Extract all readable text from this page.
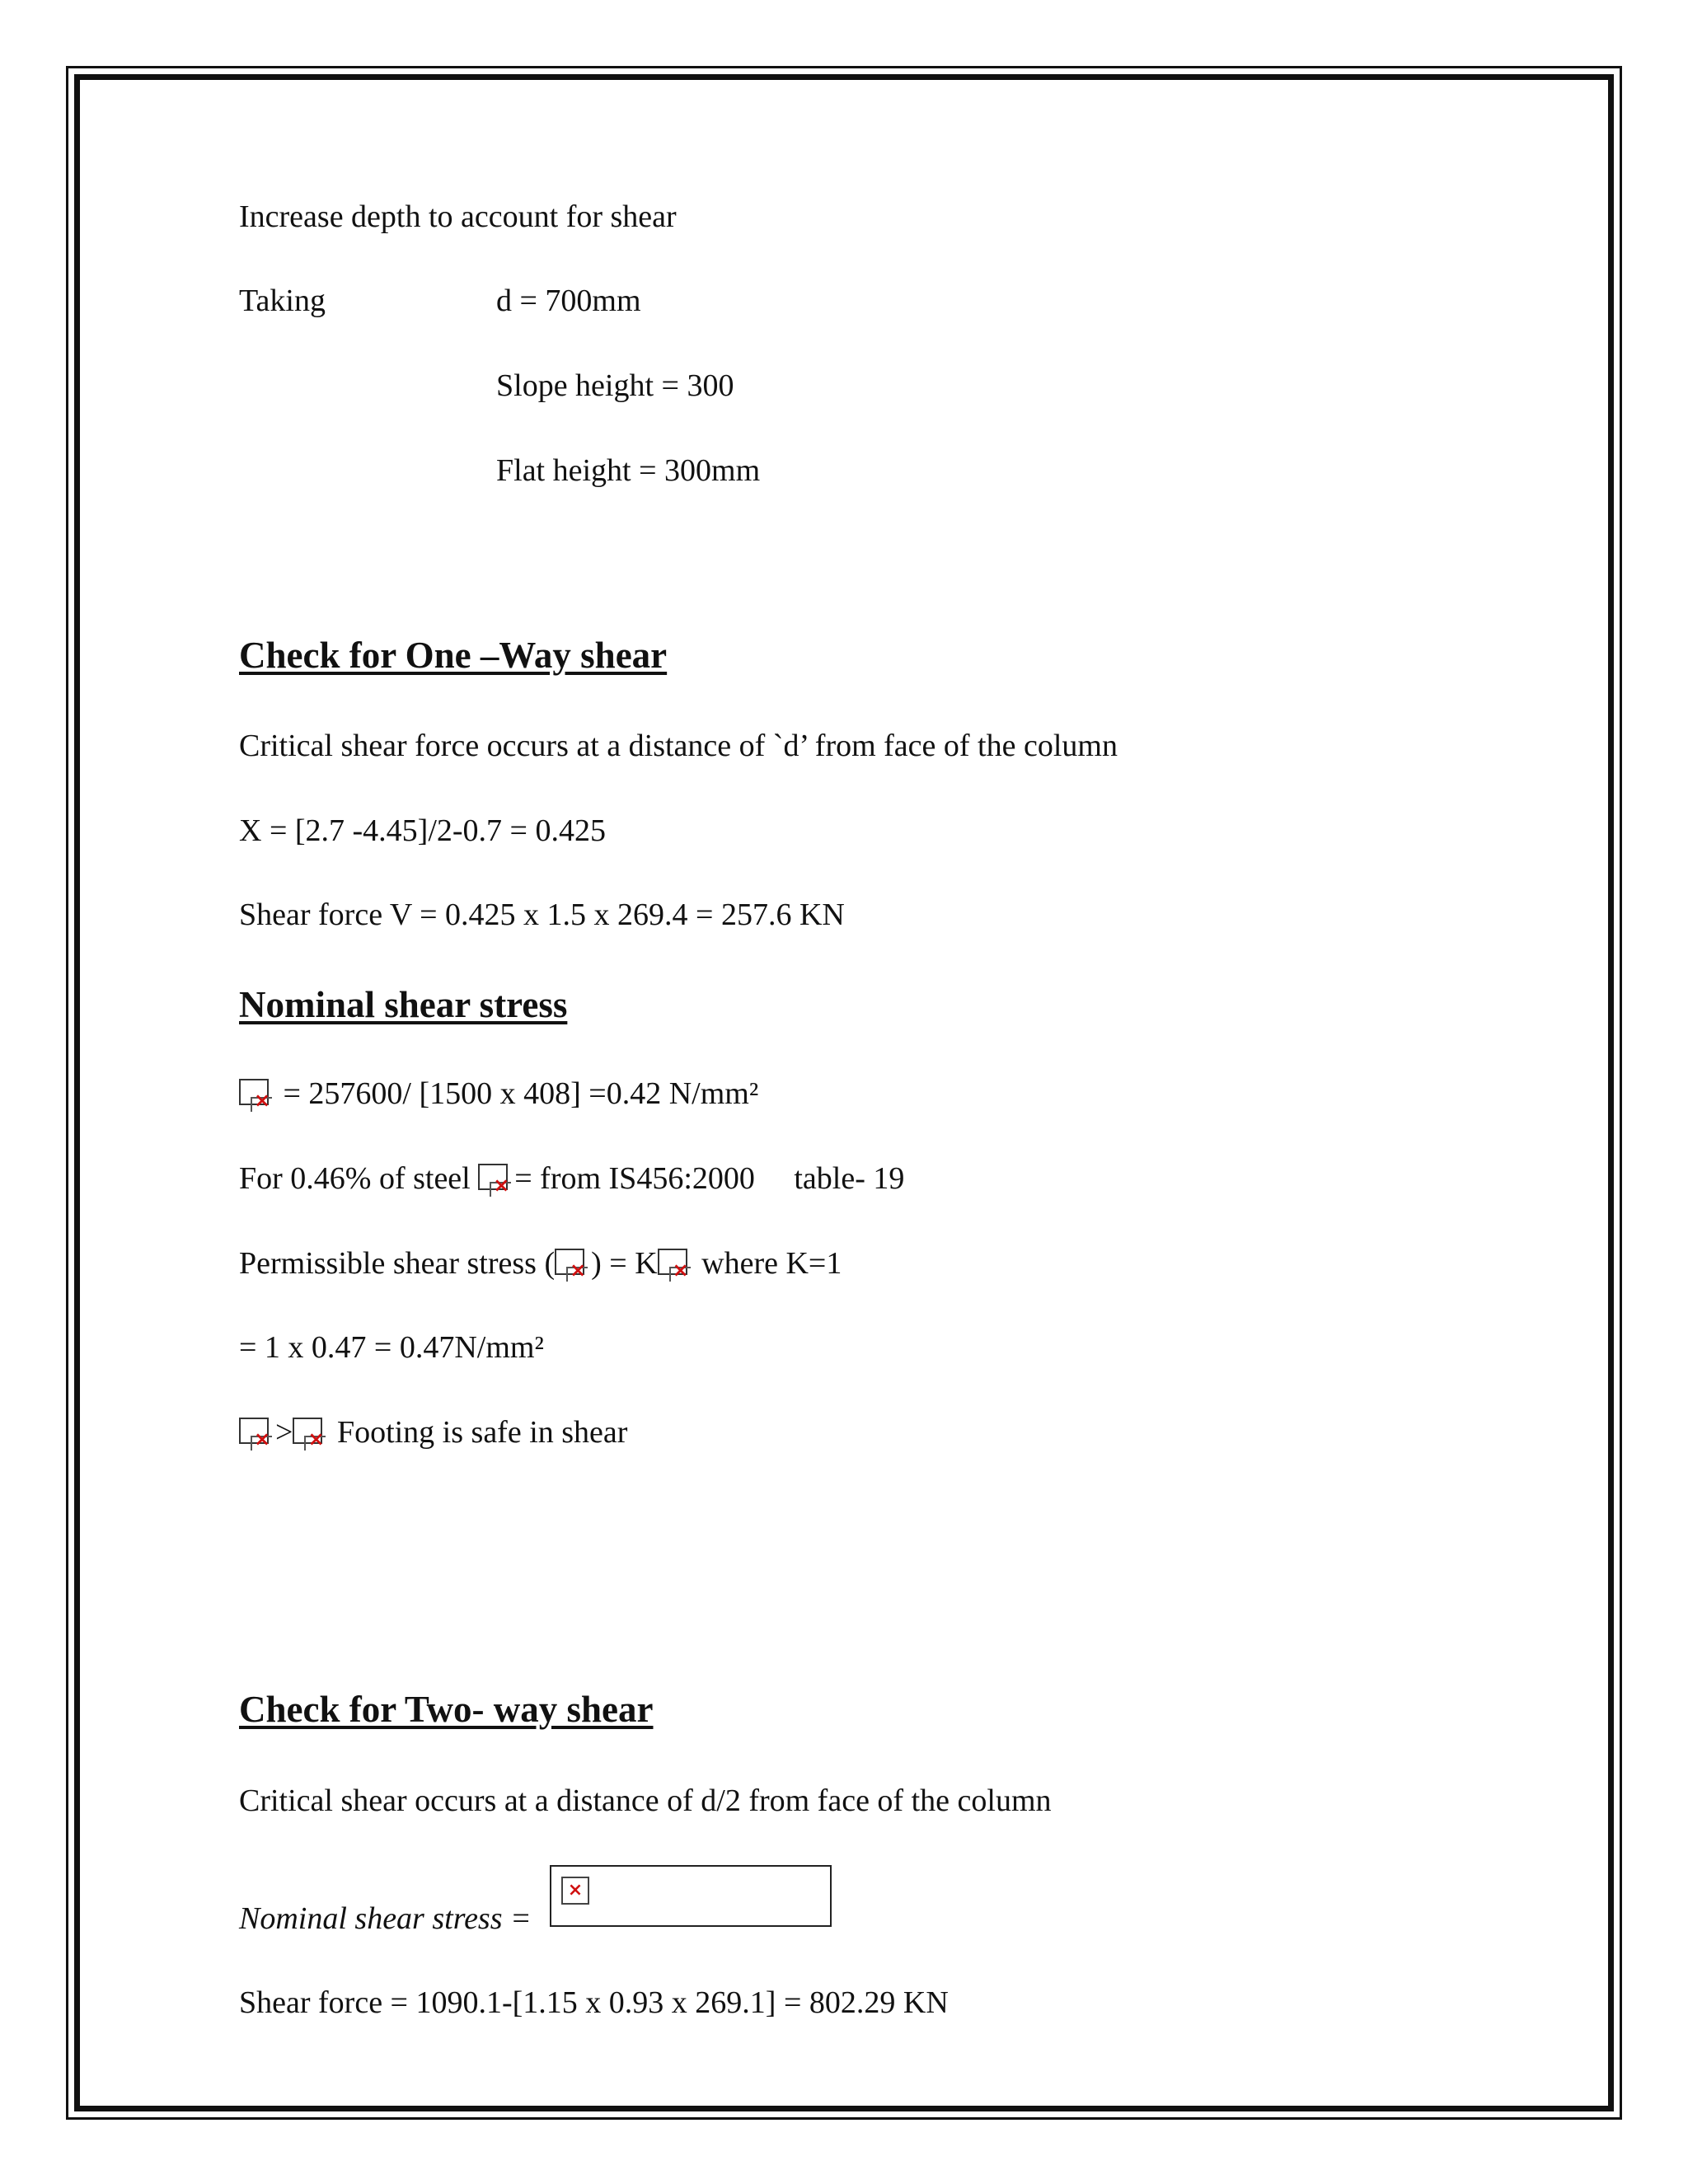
Increase depth to account for shear
Taking	d = 700mm
Slope height = 300
Flat height = 300mm
Check for One –Way shear
Critical shear force occurs at a distance of `d’ from face of the column
X = [2.7 -4.45]/2-0.7 = 0.425
Shear force V = 0.425 x 1.5 x 269.4 = 257.6 KN
Nominal shear stress
× = 257600/ [1500 x 408] =0.42 N/mm²
For 0.46% of steel × = from IS456:2000     table- 19
Permissible shear stress ( × ) = K × where K=1
= 1 x 0.47 = 0.47N/mm²
× > × Footing is safe in shear
Check for Two- way shear
Critical shear occurs at a distance of d/2 from face of the column
Nominal shear stress =
×
Shear force = 1090.1-[1.15 x 0.93 x 269.1] = 802.29 KN
